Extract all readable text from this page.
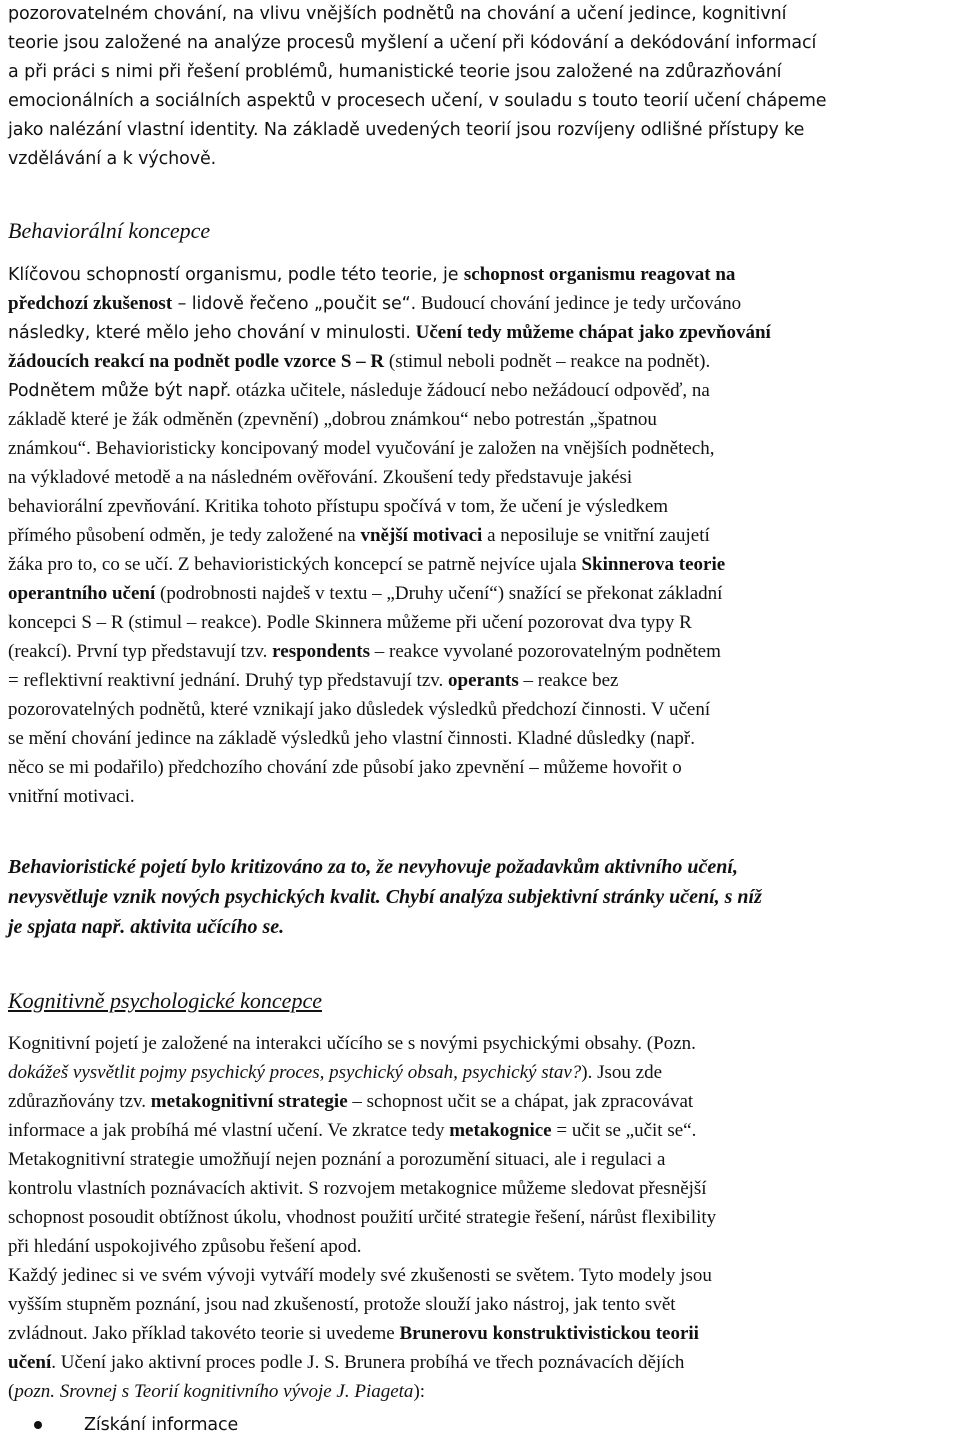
pozorovatelném chování, na vlivu vnějších podnětů na chování a učení jedince, kognitivní
teorie jsou založené na analýze procesů myšlení a učení při kódování a dekódování informací
a při práci s nimi při řešení problémů, humanistické teorie jsou založené na zdůrazňování
emocionálních a sociálních aspektů v procesech učení, v souladu s touto teorií učení chápeme
jako nalézání vlastní identity. Na základě uvedených teorií jsou rozvíjeny odlišné přístupy ke
vzdělávání a k výchově.
Behaviorální koncepce
Klíčovou schopností organismu, podle této teorie, je schopnost organismu reagovat na
předchozí zkušenost – lidově řečeno „poučit se“. Budoucí chování jedince je tedy určováno
následky, které mělo jeho chování v minulosti. Učení tedy můžeme chápat jako zpevňování
žádoucích reakcí na podnět podle vzorce S – R (stimul neboli podnět – reakce na podnět).
Podnětem může být např. otázka učitele, následuje žádoucí nebo nežádoucí odpověď, na
základě které je žák odměněn (zpevnění) „dobrou známkou“ nebo potrestán „špatnou
známkou“. Behavioristicky koncipovaný model vyučování je založen na vnějších podnětech,
na výkladové metodě a na následném ověřování. Zkoušení tedy představuje jakési
behaviorální zpevňování. Kritika tohoto přístupu spočívá v tom, že učení je výsledkem
přímého působení odměn, je tedy založené na vnější motivaci a neposiluje se vnitřní zaujetí
žáka pro to, co se učí. Z behavioristických koncepcí se patrně nejvíce ujala Skinnerova teorie
operantního učení (podrobnosti najdeš v textu – „Druhy učení“) snažící se překonat základní
koncepci S – R (stimul – reakce). Podle Skinnera můžeme při učení pozorovat dva typy R
(reakcí). První typ představují tzv. respondents – reakce vyvolané pozorovatelným podnětem
= reflektivní reaktivní jednání. Druhý typ představují tzv. operants – reakce bez
pozorovatelných podnětů, které vznikají jako důsledek výsledků předchozí činnosti. V učení
se mění chování jedince na základě výsledků jeho vlastní činnosti. Kladné důsledky (např.
něco se mi podařilo) předchozího chování zde působí jako zpevnění – můžeme hovořit o
vnitřní motivaci.
Behavioristické pojetí bylo kritizováno za to, že nevyhovuje požadavkům aktivního učení,
nevysvětluje vznik nových psychických kvalit. Chybí analýza subjektivní stránky učení, s níž
je spjata např. aktivita učícího se.
Kognitivně psychologické koncepce
Kognitivní pojetí je založené na interakci učícího se s novými psychickými obsahy. (Pozn.
dokážeš vysvětlit pojmy psychický proces, psychický obsah, psychický stav?). Jsou zde
zdůrazňovány tzv. metakognitivní strategie – schopnost učit se a chápat, jak zpracovávat
informace a jak probíhá mé vlastní učení. Ve zkratce tedy metakognice = učit se „učit se“.
Metakognitivní strategie umožňují nejen poznání a porozumění situaci, ale i regulaci a
kontrolu vlastních poznávacích aktivit. S rozvojem metakognice můžeme sledovat přesnější
schopnost posoudit obtížnost úkolu, vhodnost použití určité strategie řešení, nárůst flexibility
při hledání uspokojivého způsobu řešení apod.
Každý jedinec si ve svém vývoji vytváří modely své zkušenosti se světem. Tyto modely jsou
vyšším stupněm poznání, jsou nad zkušeností, protože slouží jako nástroj, jak tento svět
zvládnout. Jako příklad takovéto teorie si uvedeme Brunerovu konstruktivistickou teorii
učení. Učení jako aktivní proces podle J. S. Brunera probíhá ve třech poznávacích dějích
(pozn. Srovnej s Teorií kognitivního vývoje J. Piageta):
Získání informace
